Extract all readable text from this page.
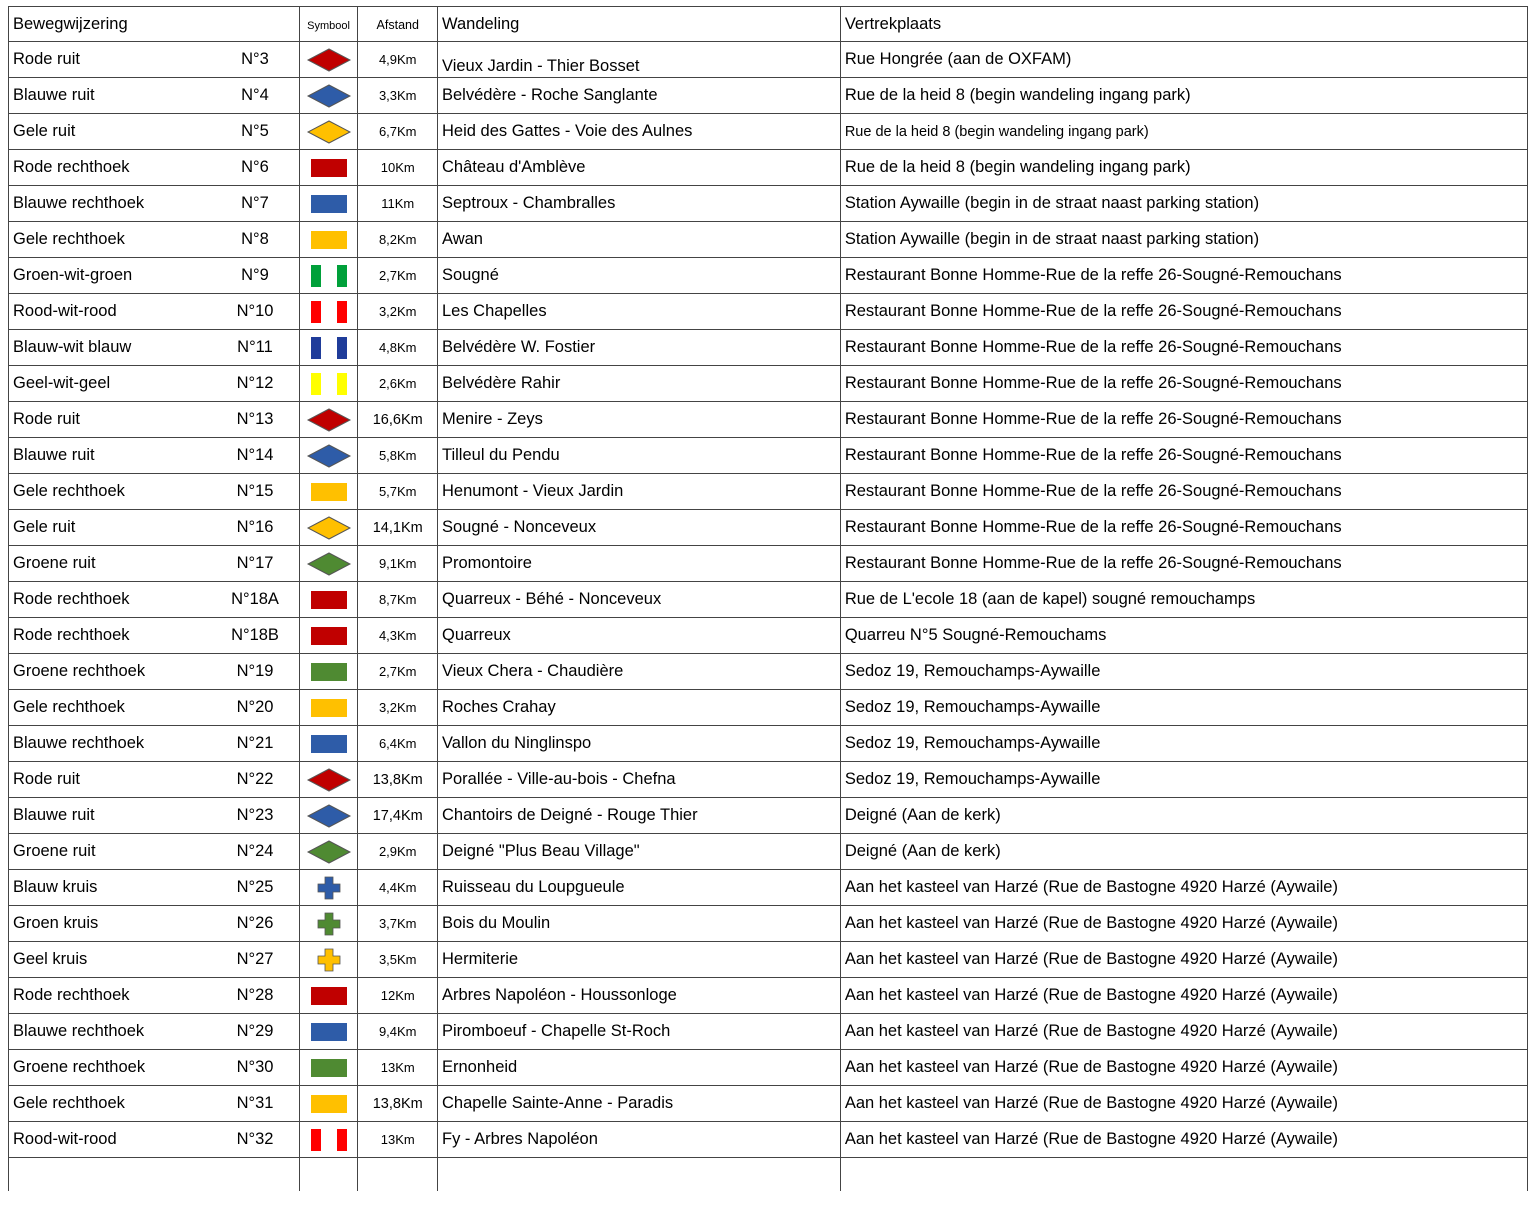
Bewegwijzering	Symbool	Afstand	Wandeling	Vertrekplaats
Rode ruit N°3		4,9Km	Vieux Jardin - Thier Bosset	Rue Hongrée (aan de OXFAM)
Blauwe ruit N°4		3,3Km	Belvédère - Roche Sanglante	Rue de la heid 8 (begin wandeling ingang park)
Gele ruit N°5		6,7Km	Heid des Gattes - Voie des Aulnes	Rue de la heid 8 (begin wandeling ingang park)
Rode rechthoek N°6		10Km	Château d'Amblève	Rue de la heid 8 (begin wandeling ingang park)
Blauwe rechthoek N°7		11Km	Septroux - Chambralles	Station Aywaille (begin in de straat naast parking station)
Gele rechthoek N°8		8,2Km	Awan	Station Aywaille (begin in de straat naast parking station)
Groen-wit-groen N°9		2,7Km	Sougné	Restaurant Bonne Homme-Rue de la reffe 26-Sougné-Remouchans
Rood-wit-rood N°10		3,2Km	Les Chapelles	Restaurant Bonne Homme-Rue de la reffe 26-Sougné-Remouchans
Blauw-wit blauw N°11		4,8Km	Belvédère W. Fostier	Restaurant Bonne Homme-Rue de la reffe 26-Sougné-Remouchans
Geel-wit-geel N°12		2,6Km	Belvédère Rahir	Restaurant Bonne Homme-Rue de la reffe 26-Sougné-Remouchans
Rode ruit N°13		16,6Km	Menire - Zeys	Restaurant Bonne Homme-Rue de la reffe 26-Sougné-Remouchans
Blauwe ruit N°14		5,8Km	Tilleul du Pendu	Restaurant Bonne Homme-Rue de la reffe 26-Sougné-Remouchans
Gele rechthoek N°15		5,7Km	Henumont - Vieux Jardin	Restaurant Bonne Homme-Rue de la reffe 26-Sougné-Remouchans
Gele ruit N°16		14,1Km	Sougné - Nonceveux	Restaurant Bonne Homme-Rue de la reffe 26-Sougné-Remouchans
Groene ruit N°17		9,1Km	Promontoire	Restaurant Bonne Homme-Rue de la reffe 26-Sougné-Remouchans
Rode rechthoek N°18A		8,7Km	Quarreux - Béhé - Nonceveux	Rue de L'ecole 18 (aan de kapel) sougné remouchamps
Rode rechthoek N°18B		4,3Km	Quarreux	Quarreu N°5 Sougné-Remouchams
Groene rechthoek N°19		2,7Km	Vieux Chera - Chaudière	Sedoz 19, Remouchamps-Aywaille
Gele rechthoek N°20		3,2Km	Roches Crahay	Sedoz 19, Remouchamps-Aywaille
Blauwe rechthoek N°21		6,4Km	Vallon du Ninglinspo	Sedoz 19, Remouchamps-Aywaille
Rode ruit N°22		13,8Km	Porallée - Ville-au-bois - Chefna	Sedoz 19, Remouchamps-Aywaille
Blauwe ruit N°23		17,4Km	Chantoirs de Deigné - Rouge Thier	Deigné (Aan de kerk)
Groene ruit N°24		2,9Km	Deigné "Plus Beau Village"	Deigné (Aan de kerk)
Blauw kruis N°25		4,4Km	Ruisseau du Loupgueule	Aan het kasteel van Harzé (Rue de Bastogne 4920 Harzé (Aywaile)
Groen kruis N°26		3,7Km	Bois du Moulin	Aan het kasteel van Harzé (Rue de Bastogne 4920 Harzé (Aywaile)
Geel kruis N°27		3,5Km	Hermiterie	Aan het kasteel van Harzé (Rue de Bastogne 4920 Harzé (Aywaile)
Rode rechthoek N°28		12Km	Arbres Napoléon - Houssonloge	Aan het kasteel van Harzé (Rue de Bastogne 4920 Harzé (Aywaile)
Blauwe rechthoek N°29		9,4Km	Piromboeuf - Chapelle St-Roch	Aan het kasteel van Harzé (Rue de Bastogne 4920 Harzé (Aywaile)
Groene rechthoek N°30		13Km	Ernonheid	Aan het kasteel van Harzé (Rue de Bastogne 4920 Harzé (Aywaile)
Gele rechthoek N°31		13,8Km	Chapelle Sainte-Anne - Paradis	Aan het kasteel van Harzé (Rue de Bastogne 4920 Harzé (Aywaile)
Rood-wit-rood N°32		13Km	Fy - Arbres Napoléon	Aan het kasteel van Harzé (Rue de Bastogne 4920 Harzé (Aywaile)
